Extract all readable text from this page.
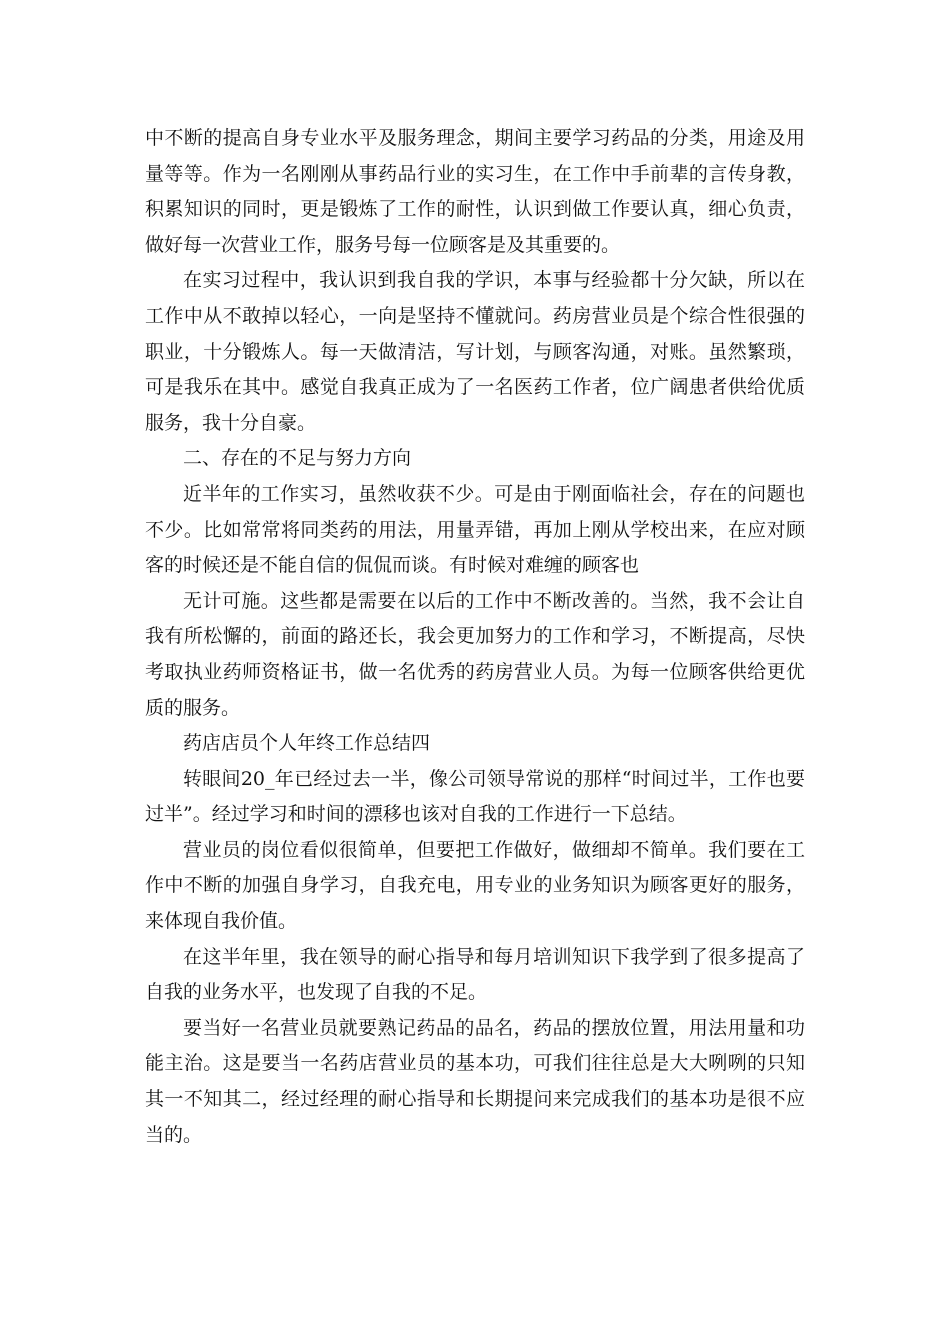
中不断的提高自身专业水平及服务理念，期间主要学习药品的分类，用途及用量等等。作为一名刚刚从事药品行业的实习生，在工作中手前辈的言传身教，积累知识的同时，更是锻炼了工作的耐性，认识到做工作要认真，细心负责，做好每一次营业工作，服务号每一位顾客是及其重要的。

在实习过程中，我认识到我自我的学识，本事与经验都十分欠缺，所以在工作中从不敢掉以轻心，一向是坚持不懂就问。药房营业员是个综合性很强的职业，十分锻炼人。每一天做清洁，写计划，与顾客沟通，对账。虽然繁琐，可是我乐在其中。感觉自我真正成为了一名医药工作者，位广阔患者供给优质服务，我十分自豪。

二、存在的不足与努力方向

近半年的工作实习，虽然收获不少。可是由于刚面临社会，存在的问题也不少。比如常常将同类药的用法，用量弄错，再加上刚从学校出来，在应对顾客的时候还是不能自信的侃侃而谈。有时候对难缠的顾客也

无计可施。这些都是需要在以后的工作中不断改善的。当然，我不会让自我有所松懈的，前面的路还长，我会更加努力的工作和学习，不断提高，尽快考取执业药师资格证书，做一名优秀的药房营业人员。为每一位顾客供给更优质的服务。

药店店员个人年终工作总结四

转眼间20_年已经过去一半，像公司领导常说的那样“时间过半，工作也要过半”。经过学习和时间的漂移也该对自我的工作进行一下总结。

营业员的岗位看似很简单，但要把工作做好，做细却不简单。我们要在工作中不断的加强自身学习，自我充电，用专业的业务知识为顾客更好的服务，来体现自我价值。

在这半年里，我在领导的耐心指导和每月培训知识下我学到了很多提高了自我的业务水平，也发现了自我的不足。

要当好一名营业员就要熟记药品的品名，药品的摆放位置，用法用量和功能主治。这是要当一名药店营业员的基本功，可我们往往总是大大咧咧的只知其一不知其二，经过经理的耐心指导和长期提问来完成我们的基本功是很不应当的。
